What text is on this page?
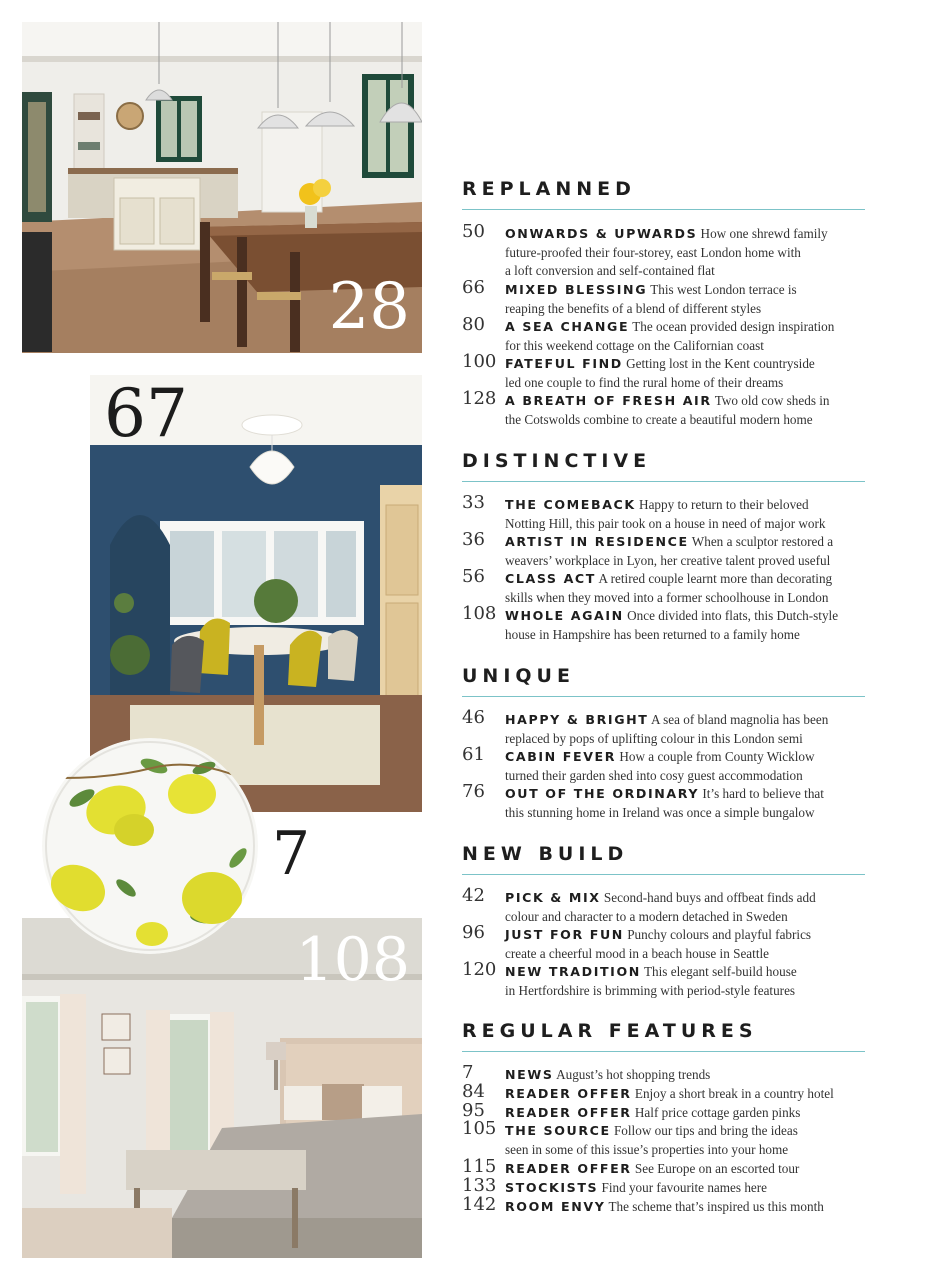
28
67
108
7
REPLANNED
50 ONWARDS & UPWARDS How one shrewd family
future-proofed their four-storey, east London home with
a loft conversion and self-contained flat
66 MIXED BLESSING This west London terrace is
reaping the benefits of a blend of different styles
80 A SEA CHANGE The ocean provided design inspiration
for this weekend cottage on the Californian coast
100 FATEFUL FIND Getting lost in the Kent countryside
led one couple to find the rural home of their dreams
128 A BREATH OF FRESH AIR Two old cow sheds in
the Cotswolds combine to create a beautiful modern home
DISTINCTIVE
33 THE COMEBACK Happy to return to their beloved
Notting Hill, this pair took on a house in need of major work
36 ARTIST IN RESIDENCE When a sculptor restored a
weavers’ workplace in Lyon, her creative talent proved useful
56 CLASS ACT A retired couple learnt more than decorating
skills when they moved into a former schoolhouse in London
108 WHOLE AGAIN Once divided into flats, this Dutch-style
house in Hampshire has been returned to a family home
UNIQUE
46 HAPPY & BRIGHT A sea of bland magnolia has been
replaced by pops of uplifting colour in this London semi
61 CABIN FEVER How a couple from County Wicklow
turned their garden shed into cosy guest accommodation
76 OUT OF THE ORDINARY It’s hard to believe that
this stunning home in Ireland was once a simple bungalow
NEW BUILD
42 PICK & MIX Second-hand buys and offbeat finds add
colour and character to a modern detached in Sweden
96 JUST FOR FUN Punchy colours and playful fabrics
create a cheerful mood in a beach house in Seattle
120 NEW TRADITION This elegant self-build house
in Hertfordshire is brimming with period-style features
REGULAR FEATURES
7	NEWS August’s hot shopping trends
84 READER OFFER Enjoy a short break in a country hotel
95 READER OFFER Half price cottage garden pinks
105 THE SOURCE Follow our tips and bring the ideas
seen in some of this issue’s properties into your home
115 READER OFFER See Europe on an escorted tour
133 STOCKISTS Find your favourite names here
142 ROOM ENVY The scheme that’s inspired us this month
